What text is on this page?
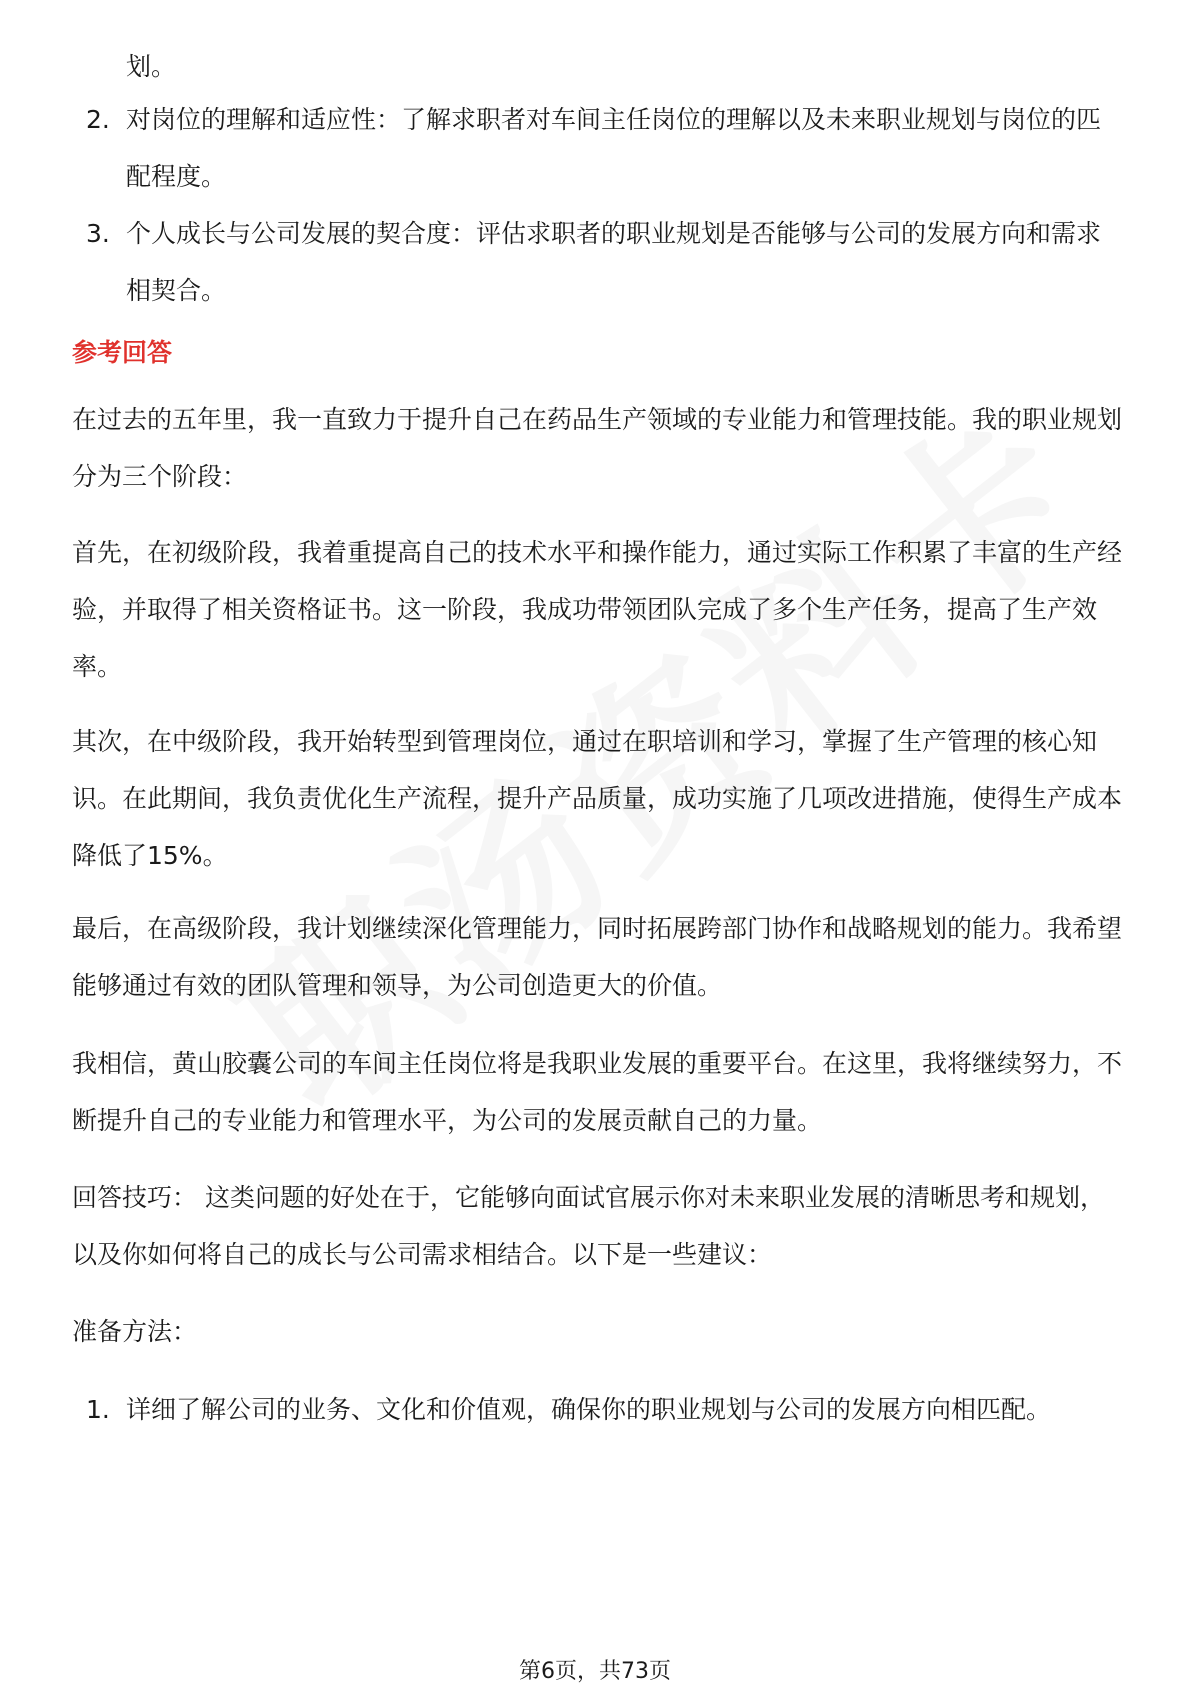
划。
2. 对岗位的理解和适应性：了解求职者对车间主任岗位的理解以及未来职业规划与岗位的匹配程度。
3. 个人成长与公司发展的契合度：评估求职者的职业规划是否能够与公司的发展方向和需求相契合。
参考回答

在过去的五年里，我一直致力于提升自己在药品生产领域的专业能力和管理技能。我的职业规划分为三个阶段：

首先，在初级阶段，我着重提高自己的技术水平和操作能力，通过实际工作积累了丰富的生产经验，并取得了相关资格证书。这一阶段，我成功带领团队完成了多个生产任务，提高了生产效率。

其次，在中级阶段，我开始转型到管理岗位，通过在职培训和学习，掌握了生产管理的核心知识。在此期间，我负责优化生产流程，提升产品质量，成功实施了几项改进措施，使得生产成本降低了15%。

最后，在高级阶段，我计划继续深化管理能力，同时拓展跨部门协作和战略规划的能力。我希望能够通过有效的团队管理和领导，为公司创造更大的价值。

我相信，黄山胶囊公司的车间主任岗位将是我职业发展的重要平台。在这里，我将继续努力，不断提升自己的专业能力和管理水平，为公司的发展贡献自己的力量。

回答技巧： 这类问题的好处在于，它能够向面试官展示你对未来职业发展的清晰思考和规划，以及你如何将自己的成长与公司需求相结合。以下是一些建议：

准备方法：

1. 详细了解公司的业务、文化和价值观，确保你的职业规划与公司的发展方向相匹配。
第6页，共73页
